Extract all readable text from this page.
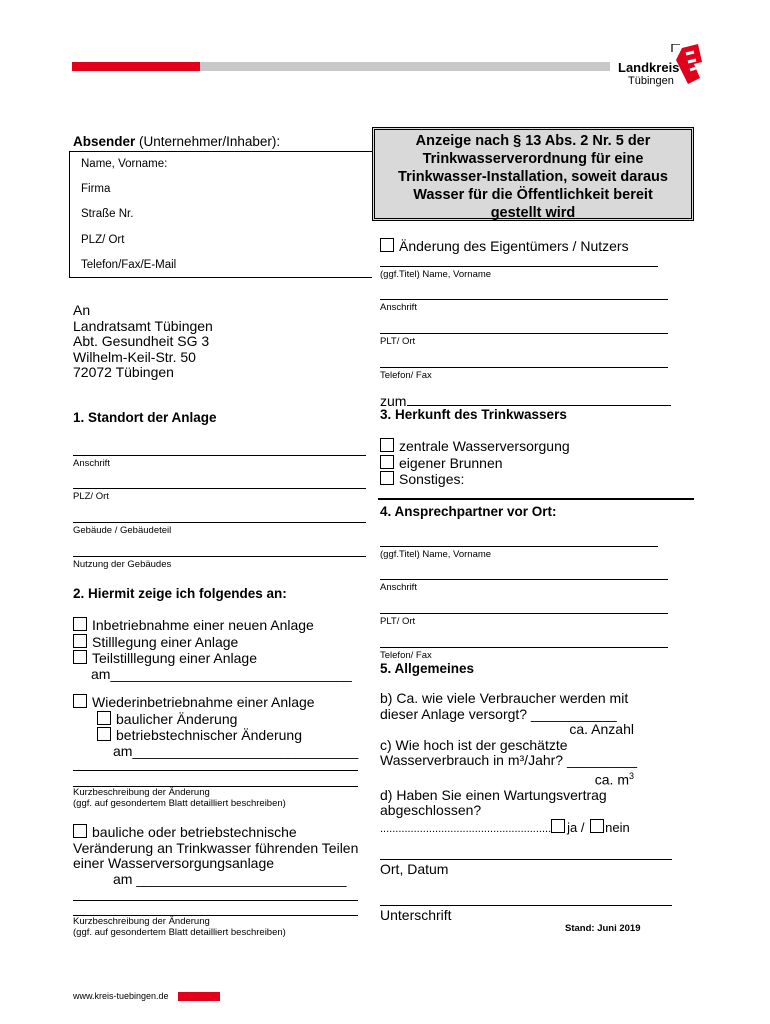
Landkreis
Tübingen
Absender (Unternehmer/Inhaber):
Name, Vorname:
Firma
Straße Nr.
PLZ/ Ort
Telefon/Fax/E-Mail
Anzeige nach § 13 Abs. 2 Nr. 5 der
Trinkwasserverordnung für eine
Trinkwasser-Installation, soweit daraus
Wasser für die Öffentlichkeit bereit
gestellt wird
Änderung des Eigentümers / Nutzers
(ggf.Titel) Name, Vorname
Anschrift
PLT/ Ort
Telefon/ Fax
zum
An
Landratsamt Tübingen
Abt. Gesundheit SG 3
Wilhelm-Keil-Str. 50
72072 Tübingen
1. Standort der Anlage
Anschrift
PLZ/ Ort
Gebäude / Gebäudeteil
Nutzung der Gebäudes
3. Herkunft des Trinkwassers
zentrale Wasserversorgung
eigener Brunnen
Sonstiges:
4. Ansprechpartner vor Ort:
(ggf.Titel) Name, Vorname
Anschrift
PLT/ Ort
Telefon/ Fax
2. Hiermit zeige ich folgendes an:
Inbetriebnahme einer neuen Anlage
Stilllegung einer Anlage
Teilstilllegung einer Anlage
am_______________________________
Wiederinbetriebnahme einer Anlage
baulicher Änderung
betriebstechnischer Änderung
am_____________________________
Kurzbeschreibung der Änderung
(ggf. auf gesondertem Blatt detailliert beschreiben)
bauliche oder betriebstechnische
Veränderung an Trinkwasser führenden Teilen
einer Wasserversorgungsanlage
am ___________________________
Kurzbeschreibung der Änderung
(ggf. auf gesondertem Blatt detailliert beschreiben)
5. Allgemeines
b) Ca. wie viele Verbraucher werden mit
dieser Anlage versorgt? ___________
ca. Anzahl
c) Wie hoch ist der geschätzte
Wasserverbrauch in m³/Jahr? _________
ca. $m^3$
d) Haben Sie einen Wartungsvertrag
abgeschlossen?
........................................................ ja / nein
Ort, Datum
Unterschrift
Stand: Juni 2019
www.kreis-tuebingen.de
